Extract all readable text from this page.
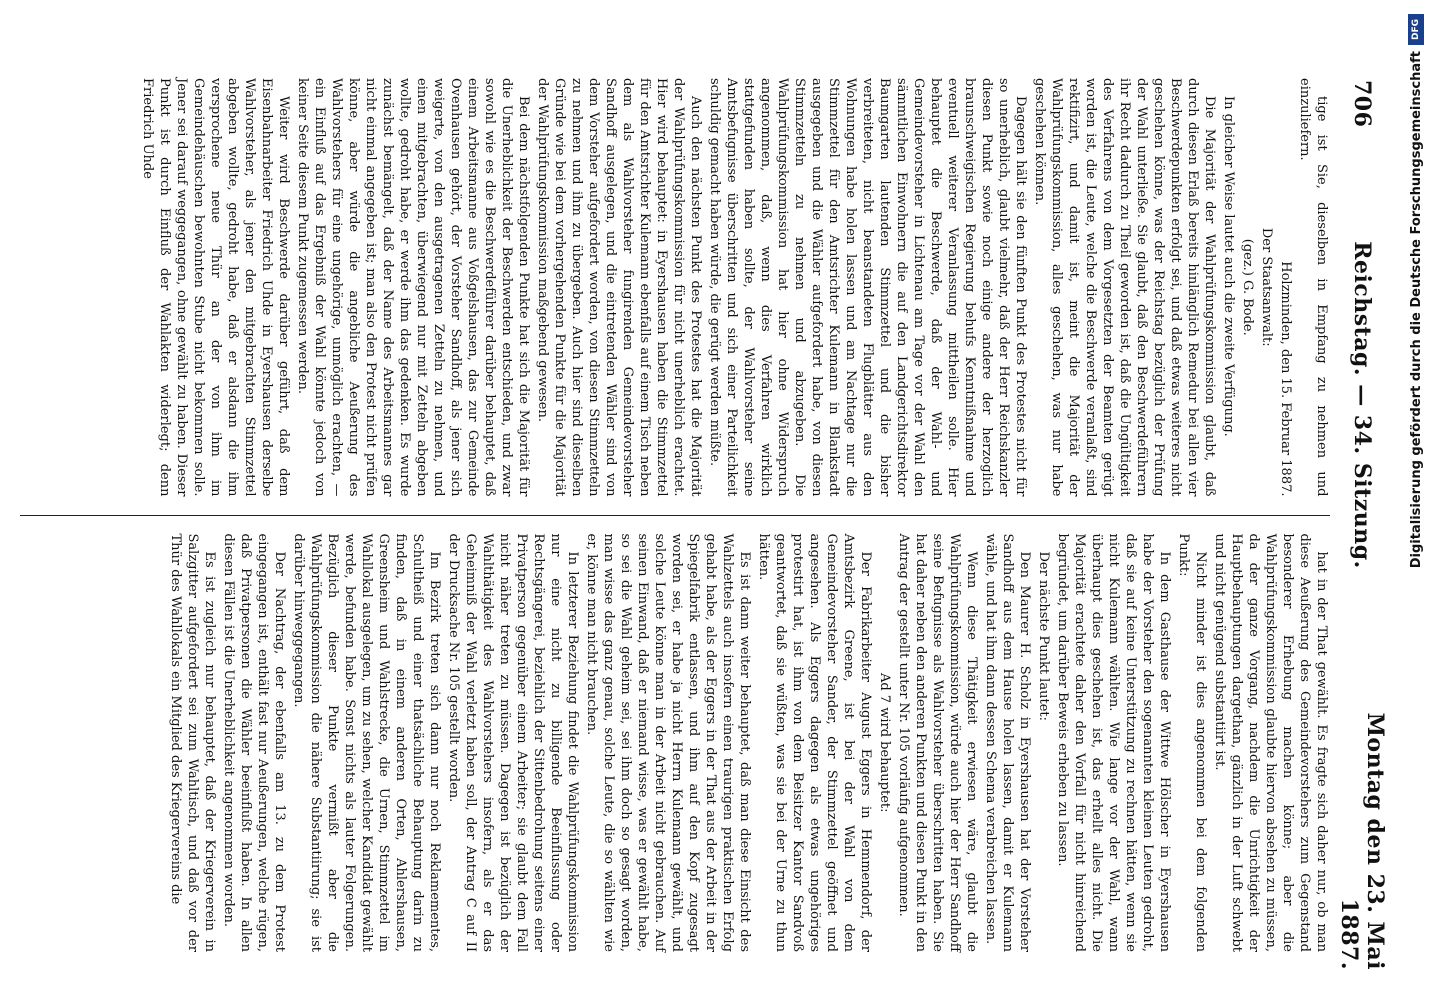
706
Reichstag. — 34. Sitzung.
Montag den 23. Mai 1887.

tige ist Sie, dieselben in Empfang zu nehmen und einzuliefern.

Holzminden, den 15. Februar 1887.

Der Staatsanwalt:

(gez.) G. Bode.

In gleicher Weise lautet auch die zweite Verfügung.

Die Majorität der Wahlprüfungskommission glaubt, daß durch diesen Erlaß bereits hinlänglich Remedur bei allen vier Beschwerdepunkten erfolgt sei, und daß etwas weiteres nicht geschehen könne, was der Reichstag bezüglich der Prüfung der Wahl unterließe. Sie glaubt, daß den Beschwerdeführern ihr Recht dadurch zu Theil geworden ist, daß die Ungültigkeit des Verfahrens von dem Vorgesetzten der Beamten gerügt worden ist, die Leute, welche die Beschwerde veranlaßt, sind rektifizirt, und damit ist, meint die Majorität der Wahlprüfungskommission, alles geschehen, was nur habe geschehen können.

Dagegen hält sie den fünften Punkt des Protestes nicht für so unerheblich, glaubt vielmehr, daß der Herr Reichskanzler diesen Punkt sowie noch einige andere der herzoglich braunschweigischen Regierung behufs Kenntnißnahme und eventuell weiterer Veranlassung mittheilen solle. Hier behauptet die Beschwerde, daß der Wahl- und Gemeindevorsteher in Lichtenau am Tage vor der Wahl den sämmtlichen Einwohnern die auf den Landgerichtsdirektor Baumgarten lautenden Stimmzettel und die bisher verbreiteten, nicht beanstandeten Flugblätter aus den Wohnungen habe holen lassen und am Nachtage nur die Stimmzettel für den Amtsrichter Kulemann in Blankstadt ausgegeben und die Wähler aufgefordert habe, von diesen Stimmzetteln zu nehmen und abzugeben. Die Wahlprüfungskommission hat hier ohne Widerspruch angenommen, daß, wenn dies Verfahren wirklich stattgefunden haben sollte, der Wahlvorsteher seine Amtsbefugnisse überschritten und sich einer Parteilichkeit schuldig gemacht haben würde, die gerügt werden müßte.

Auch den nächsten Punkt des Protestes hat die Majorität der Wahlprüfungskommission für nicht unerheblich erachtet. Hier wird behauptet: in Eyershausen haben die Stimmzettel für den Amtsrichter Kulemann ebenfalls auf einem Tisch neben dem als Wahlvorsteher fungirenden Gemeindevorsteher Sandhoff ausgelegen, und die eintretenden Wähler sind von dem Vorsteher aufgefordert worden, von diesen Stimmzetteln zu nehmen und ihm zu übergeben. Auch hier sind dieselben Gründe wie bei dem vorhergehenden Punkte für die Majorität der Wahlprüfungskommission maßgebend gewesen.

Bei dem nächstfolgenden Punkte hat sich die Majorität für die Unerheblichkeit der Beschwerden entschieden, und zwar sowohl wie es die Beschwerdeführer darüber behauptet, daß einem Arbeitsmanne aus Voßgelshausen, das zur Gemeinde Ovenhausen gehört, der Vorsteher Sandhoff, als jener sich weigerte, von den ausgetragenen Zetteln zu nehmen, und einen mitgebrachten, überwiegend nur mit Zetteln abgeben wollte, gedroht habe, er werde ihm das gedenken. Es wurde zunächst bemängelt, daß der Name des Arbeitsmannes gar nicht einmal angegeben ist; man also den Protest nicht prüfen könne, aber würde die angebliche Aeußerung des Wahlvorstehers für eine ungehörige, unmöglich erachten, — ein Einfluß auf das Ergebniß der Wahl könnte jedoch von keiner Seite diesem Punkt zugemessen werden.

Weiter wird Beschwerde darüber geführt, daß dem Eisenbahnarbeiter Friedrich Uhde in Eyershausen derselbe Wahlvorsteher, als jener den mitgebrachten Stimmzettel abgeben wollte, gedroht habe, daß er alsdann die ihm versprochene neue Thür an der von ihm im Gemeindehäuschen bewohnten Stube nicht bekommen solle. Jener sei darauf weggegangen, ohne gewählt zu haben. Dieser Punkt ist durch Einfluß der Wahlakten widerlegt; denn Friedrich Uhde

hat in der That gewählt. Es fragte sich daher nur, ob man diese Aeußerung des Gemeindevorstehers zum Gegenstand besonderer Erhebung machen könne; aber die Wahlprüfungskommission glaubte hiervon absehen zu müssen, da der ganze Vorgang, nachdem die Unrichtigkeit der Hauptbehauptungen dargethan, gänzlich in der Luft schwebt und nicht genügend substantiirt ist.

Nicht minder ist dies angenommen bei dem folgenden Punkt:

In dem Gasthause der Wittwe Hölscher in Eyershausen habe der Vorsteher den sogenannten kleinen Leuten gedroht, daß sie auf keine Unterstützung zu rechnen hätten, wenn sie nicht Kulemann wählten. Wie lange vor der Wahl, wann überhaupt dies geschehen ist, das erhellt alles nicht. Die Majorität erachtete daher den Vorfall für nicht hinreichend begründet, um darüber Beweis erheben zu lassen.

Der nächste Punkt lautet:

Den Maurer H. Scholz in Eyershausen hat der Vorsteher Sandhoff aus dem Hause holen lassen, damit er Kulemann wähle, und hat ihm dann dessen Schema verabreichen lassen.

Wenn diese Thätigkeit erwiesen wäre, glaubt die Wahlprüfungskommission, würde auch hier der Herr Sandhoff seine Befugnisse als Wahlvorsteher überschritten haben. Sie hat daher neben den anderen Punkten und diesen Punkt in den Antrag der gestellt unter Nr. 105 vorläufig aufgenommen.

Ad 7 wird behauptet:

Der Fabrikarbeiter August Eggers in Hemmendorf, der Amtsbezirk Greene, ist bei der Wahl von dem Gemeindevorsteher Sander, der Stimmzettel geöffnet und angesehen. Als Eggers dagegen als etwas ungehöriges protestirt hat, ist ihm von dem Beisitzer Kantor Sandvoß geantwortet, daß sie wüßten, was sie bei der Urne zu thun hätten.

Es ist dann weiter behauptet, daß man diese Einsicht des Wahlzettels auch insofern einen traurigen praktischen Erfolg gehabt habe, als der Eggers in der That aus der Arbeit in der Spiegelfabrik entlassen, und ihm auf den Kopf zugesagt worden sei, er habe ja nicht Herrn Kulemann gewählt, und solche Leute könne man in der Arbeit nicht gebrauchen. Auf seinen Einwand, daß er niemand wisse, was er gewählt habe, so sei die Wahl geheim sei, sei ihm doch so gesagt worden, man wisse das ganz genau, solche Leute, die so wählten wie er, könne man nicht brauchen.

In letzterer Beziehung findet die Wahlprüfungskommission nur eine nicht zu billigende Beeinflussung oder Rechtsgängerei, beziehlich der Sittenbedrohung seitens einer Privatperson gegenüber einem Arbeiter; sie glaubt dem Fall nicht näher treten zu müssen. Dagegen ist bezüglich der Wahlthätigkeit des Wahlvorstehers insofern, als er das Geheimniß der Wahl verletzt haben soll, der Antrag C auf II der Drucksache Nr. 105 gestellt worden.

Im Bezirk treten sich dann nur noch Reklamementes, Schultheiß und einer thatsächliche Behauptung darin zu finden, daß in einem anderen Orten, Ahlershausen, Greensheim und Wahlstrecke, die Urnen, Stimmzettel im Wahllokal ausgelegen, um zu sehen, welcher Kandidat gewählt werde, befunden habe. Sonst nichts als lauter Folgerungen. Bezüglich dieser Punkte vermißt aber die Wahlprüfungskommission die nähere Substantiirung; sie ist darüber hinweggegangen.

Der Nachtrag, der ebenfalls am 13. zu dem Protest eingegangen ist, enthält fast nur Aeußerungen, welche rügen, daß Privatpersonen die Wähler beeinflußt haben. In allen diesen Fällen ist die Unerheblichkeit angenommen worden.

Es ist zugleich nur behauptet, daß der Kriegerverein in Salzgitter aufgefordert sei zum Wahltisch, und daß vor der Thür des Wahllokals ein Mitglied des Kriegervereins die

Digitalisierung gefördert durch die Deutsche Forschungsgemeinschaft
DFG
